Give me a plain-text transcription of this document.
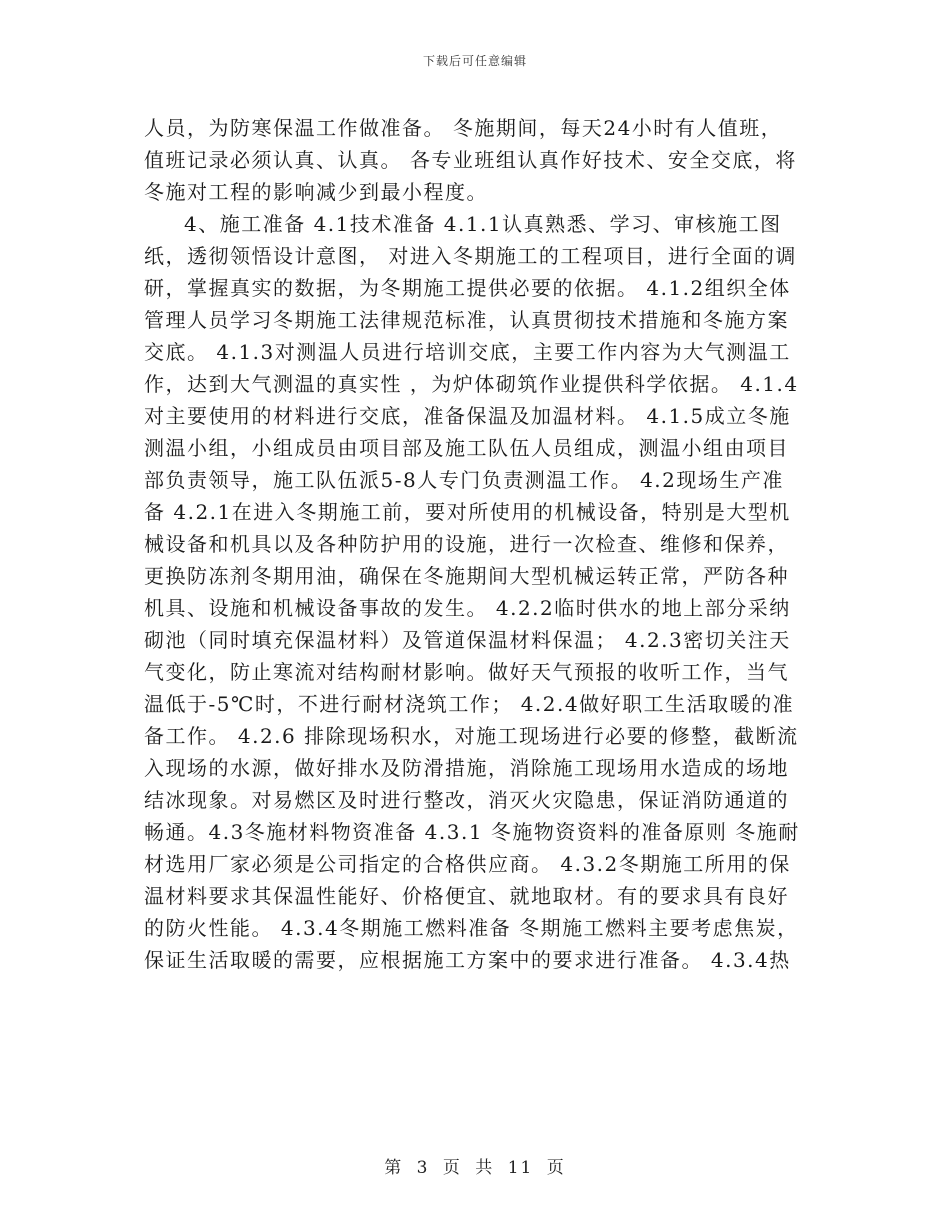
下载后可任意编辑
人员，为防寒保温工作做准备。 冬施期间，每天24小时有人值班，
值班记录必须认真、认真。 各专业班组认真作好技术、安全交底，将
冬施对工程的影响减少到最小程度。
4、施工准备 4.1技术准备 4.1.1认真熟悉、学习、审核施工图
纸，透彻领悟设计意图， 对进入冬期施工的工程项目，进行全面的调
研，掌握真实的数据，为冬期施工提供必要的依据。 4.1.2组织全体
管理人员学习冬期施工法律规范标准，认真贯彻技术措施和冬施方案
交底。 4.1.3对测温人员进行培训交底，主要工作内容为大气测温工
作，达到大气测温的真实性 ，为炉体砌筑作业提供科学依据。 4.1.4
对主要使用的材料进行交底，准备保温及加温材料。 4.1.5成立冬施
测温小组，小组成员由项目部及施工队伍人员组成，测温小组由项目
部负责领导，施工队伍派5-8人专门负责测温工作。 4.2现场生产准
备 4.2.1在进入冬期施工前，要对所使用的机械设备，特别是大型机
械设备和机具以及各种防护用的设施，进行一次检查、维修和保养，
更换防冻剂冬期用油，确保在冬施期间大型机械运转正常，严防各种
机具、设施和机械设备事故的发生。 4.2.2临时供水的地上部分采纳
砌池（同时填充保温材料）及管道保温材料保温； 4.2.3密切关注天
气变化，防止寒流对结构耐材影响。做好天气预报的收听工作，当气
温低于-5℃时，不进行耐材浇筑工作； 4.2.4做好职工生活取暖的准
备工作。 4.2.6 排除现场积水，对施工现场进行必要的修整，截断流
入现场的水源，做好排水及防滑措施，消除施工现场用水造成的场地
结冰现象。对易燃区及时进行整改，消灭火灾隐患，保证消防通道的
畅通。4.3冬施材料物资准备 4.3.1 冬施物资资料的准备原则 冬施耐
材选用厂家必须是公司指定的合格供应商。 4.3.2冬期施工所用的保
温材料要求其保温性能好、价格便宜、就地取材。有的要求具有良好
的防火性能。 4.3.4冬期施工燃料准备 冬期施工燃料主要考虑焦炭，
保证生活取暖的需要，应根据施工方案中的要求进行准备。 4.3.4热
第 3 页 共 11 页
